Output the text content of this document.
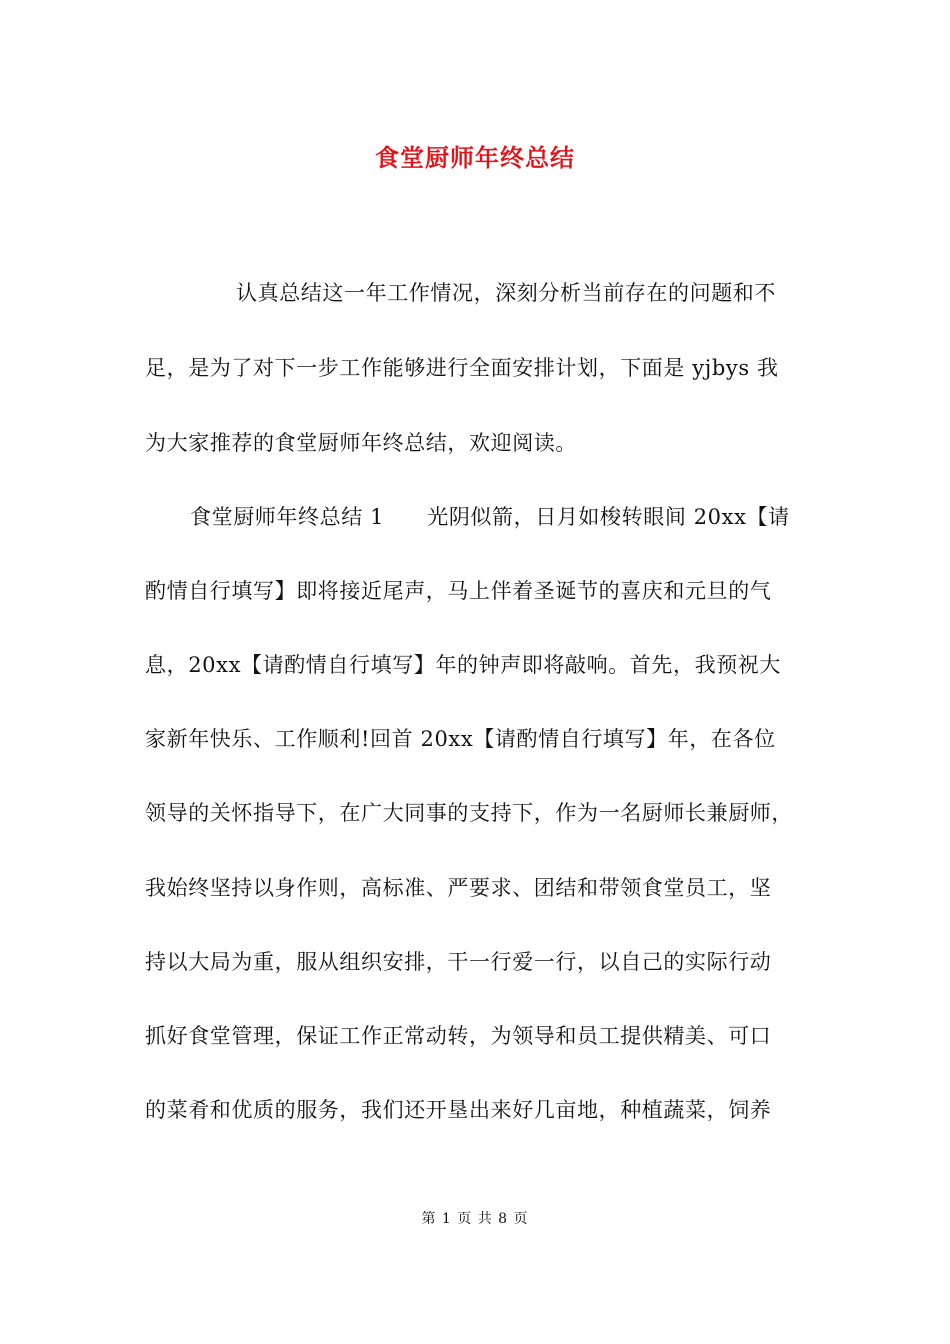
食堂厨师年终总结
认真总结这一年工作情况，深刻分析当前存在的问题和不
足，是为了对下一步工作能够进行全面安排计划，下面是 yjbys 我
为大家推荐的食堂厨师年终总结，欢迎阅读。
食堂厨师年终总结 1　　光阴似箭，日月如梭转眼间 20xx【请
酌情自行填写】即将接近尾声，马上伴着圣诞节的喜庆和元旦的气
息，20xx【请酌情自行填写】年的钟声即将敲响。首先，我预祝大
家新年快乐、工作顺利!回首 20xx【请酌情自行填写】年，在各位
领导的关怀指导下，在广大同事的支持下，作为一名厨师长兼厨师，
我始终坚持以身作则，高标准、严要求、团结和带领食堂员工，坚
持以大局为重，服从组织安排，干一行爱一行，以自己的实际行动
抓好食堂管理，保证工作正常动转，为领导和员工提供精美、可口
的菜肴和优质的服务，我们还开垦出来好几亩地，种植蔬菜，饲养
第 1 页 共 8 页
